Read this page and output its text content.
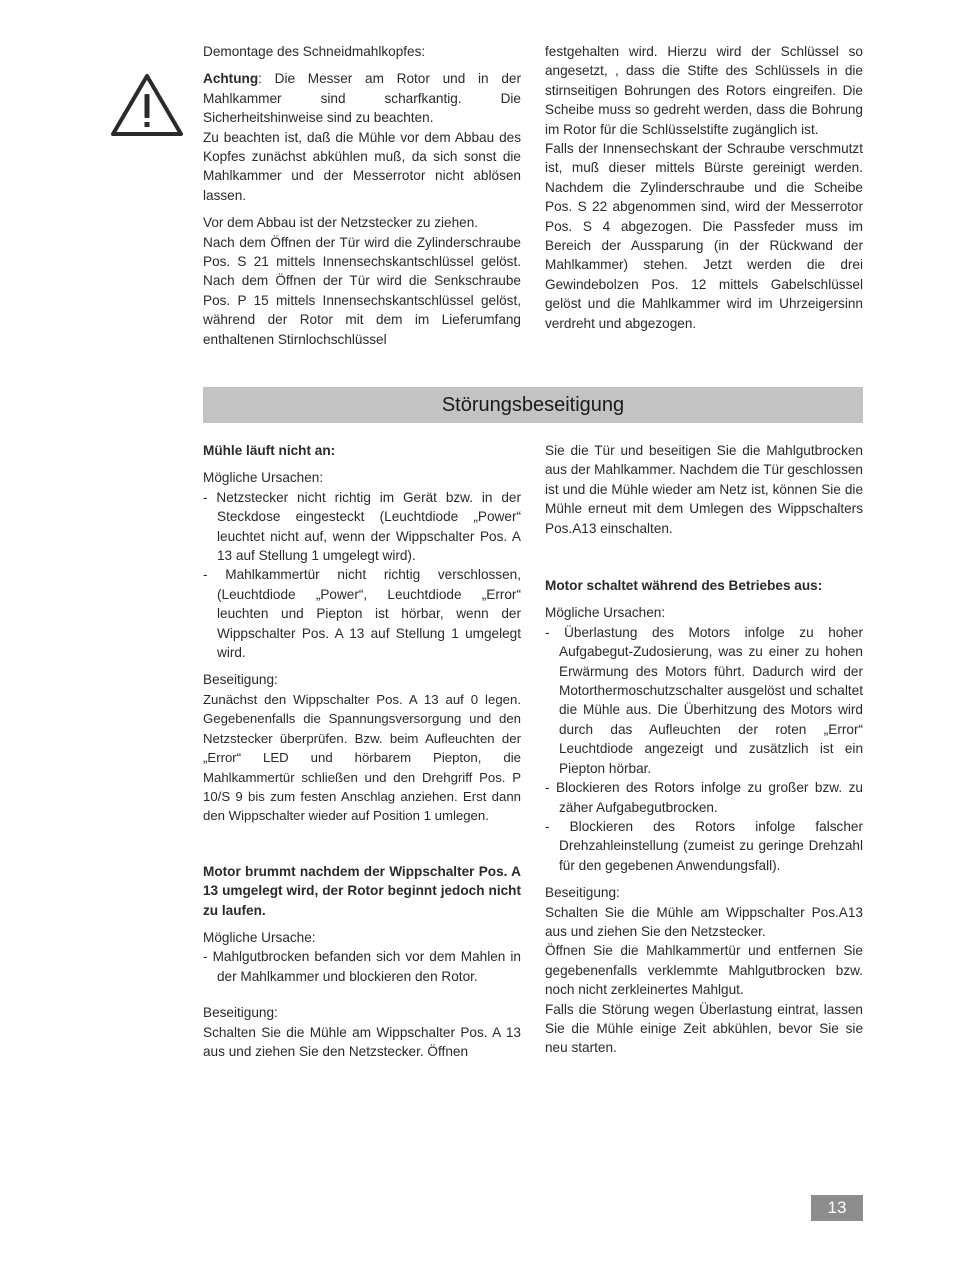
Demontage des Schneidmahlkopfes:

Achtung: Die Messer am Rotor und in der Mahlkammer sind scharfkantig. Die Sicherheitshinweise sind zu beachten.

Zu beachten ist, daß die Mühle vor dem Abbau des Kopfes zunächst abkühlen muß, da sich sonst die Mahlkammer und der Messerrotor nicht ablösen lassen.

Vor dem Abbau ist der Netzstecker zu ziehen.

Nach dem Öffnen der Tür wird die Zylinderschraube Pos. S 21 mittels Innensechskantschlüssel gelöst. Nach dem Öffnen der Tür wird die Senkschraube Pos. P 15 mittels Innensechskantschlüssel gelöst, während der Rotor mit dem im Lieferumfang enthaltenen Stirnlochschlüssel

festgehalten wird. Hierzu wird der Schlüssel so angesetzt, , dass die Stifte des Schlüssels in die stirnseitigen Bohrungen des Rotors eingreifen. Die Scheibe muss so gedreht werden, dass die Bohrung im Rotor für die Schlüsselstifte zugänglich ist.

Falls der Innensechskant der Schraube verschmutzt ist, muß dieser mittels Bürste gereinigt werden. Nachdem die Zylinderschraube und die Scheibe Pos. S 22 abgenommen sind, wird der Messerrotor Pos. S 4 abgezogen. Die Passfeder muss im Bereich der Aussparung (in der Rückwand der Mahlkammer) stehen. Jetzt werden die drei Gewindebolzen Pos. 12 mittels Gabelschlüssel gelöst und die Mahlkammer wird im Uhrzeigersinn verdreht und abgezogen.

Störungsbeseitigung

Mühle läuft nicht an:

Mögliche Ursachen:

- Netzstecker nicht richtig im Gerät bzw. in der Steckdose eingesteckt (Leuchtdiode „Power“ leuchtet nicht auf, wenn der Wippschalter Pos. A 13 auf Stellung 1 umgelegt wird).
- Mahlkammertür nicht richtig verschlossen, (Leuchtdiode „Power“, Leuchtdiode „Error“ leuchten und Piepton ist hörbar, wenn der Wippschalter Pos. A 13 auf Stellung 1 umgelegt wird.

Beseitigung:

Zunächst den Wippschalter Pos. A 13 auf 0 legen. Gegebenenfalls die Spannungsversorgung und den Netzstecker überprüfen. Bzw. beim Aufleuchten der „Error“ LED und hörbarem Piepton, die Mahlkammertür schließen und den Drehgriff Pos. P 10/S 9 bis zum festen Anschlag anziehen. Erst dann den Wippschalter wieder auf Position 1 umlegen.

Motor brummt nachdem der Wippschalter Pos. A 13 umgelegt wird, der Rotor beginnt jedoch nicht zu laufen.

Mögliche Ursache:

- Mahlgutbrocken befanden sich vor dem Mahlen in der Mahlkammer und blockieren den Rotor.

Beseitigung:

Schalten Sie die Mühle am Wippschalter Pos. A 13 aus und ziehen Sie den Netzstecker. Öffnen

Sie die Tür und beseitigen Sie die Mahlgutbrocken aus der Mahlkammer. Nachdem die Tür geschlossen ist und die Mühle wieder am Netz ist, können Sie die Mühle erneut mit dem Umlegen des Wippschalters Pos.A13 einschalten.

Motor schaltet während des Betriebes aus:

Mögliche Ursachen:

- Überlastung des Motors infolge zu hoher Aufgabegut-Zudosierung, was zu einer zu hohen Erwärmung des Motors führt. Dadurch wird der Motorthermoschutzschalter ausgelöst und schaltet die Mühle aus. Die Überhitzung des Motors wird durch das Aufleuchten der roten „Error“ Leuchtdiode angezeigt und zusätzlich ist ein Piepton hörbar.
- Blockieren des Rotors infolge zu großer bzw. zu zäher Aufgabegutbrocken.
- Blockieren des Rotors infolge falscher Drehzahleinstellung (zumeist zu geringe Drehzahl für den gegebenen Anwendungsfall).

Beseitigung:

Schalten Sie die Mühle am Wippschalter Pos.A13 aus und ziehen Sie den Netzstecker.

Öffnen Sie die Mahlkammertür und entfernen Sie gegebenenfalls verklemmte Mahlgutbrocken bzw. noch nicht zerkleinertes Mahlgut.

Falls die Störung wegen Überlastung eintrat, lassen Sie die Mühle einige Zeit abkühlen, bevor Sie sie neu starten.

13
